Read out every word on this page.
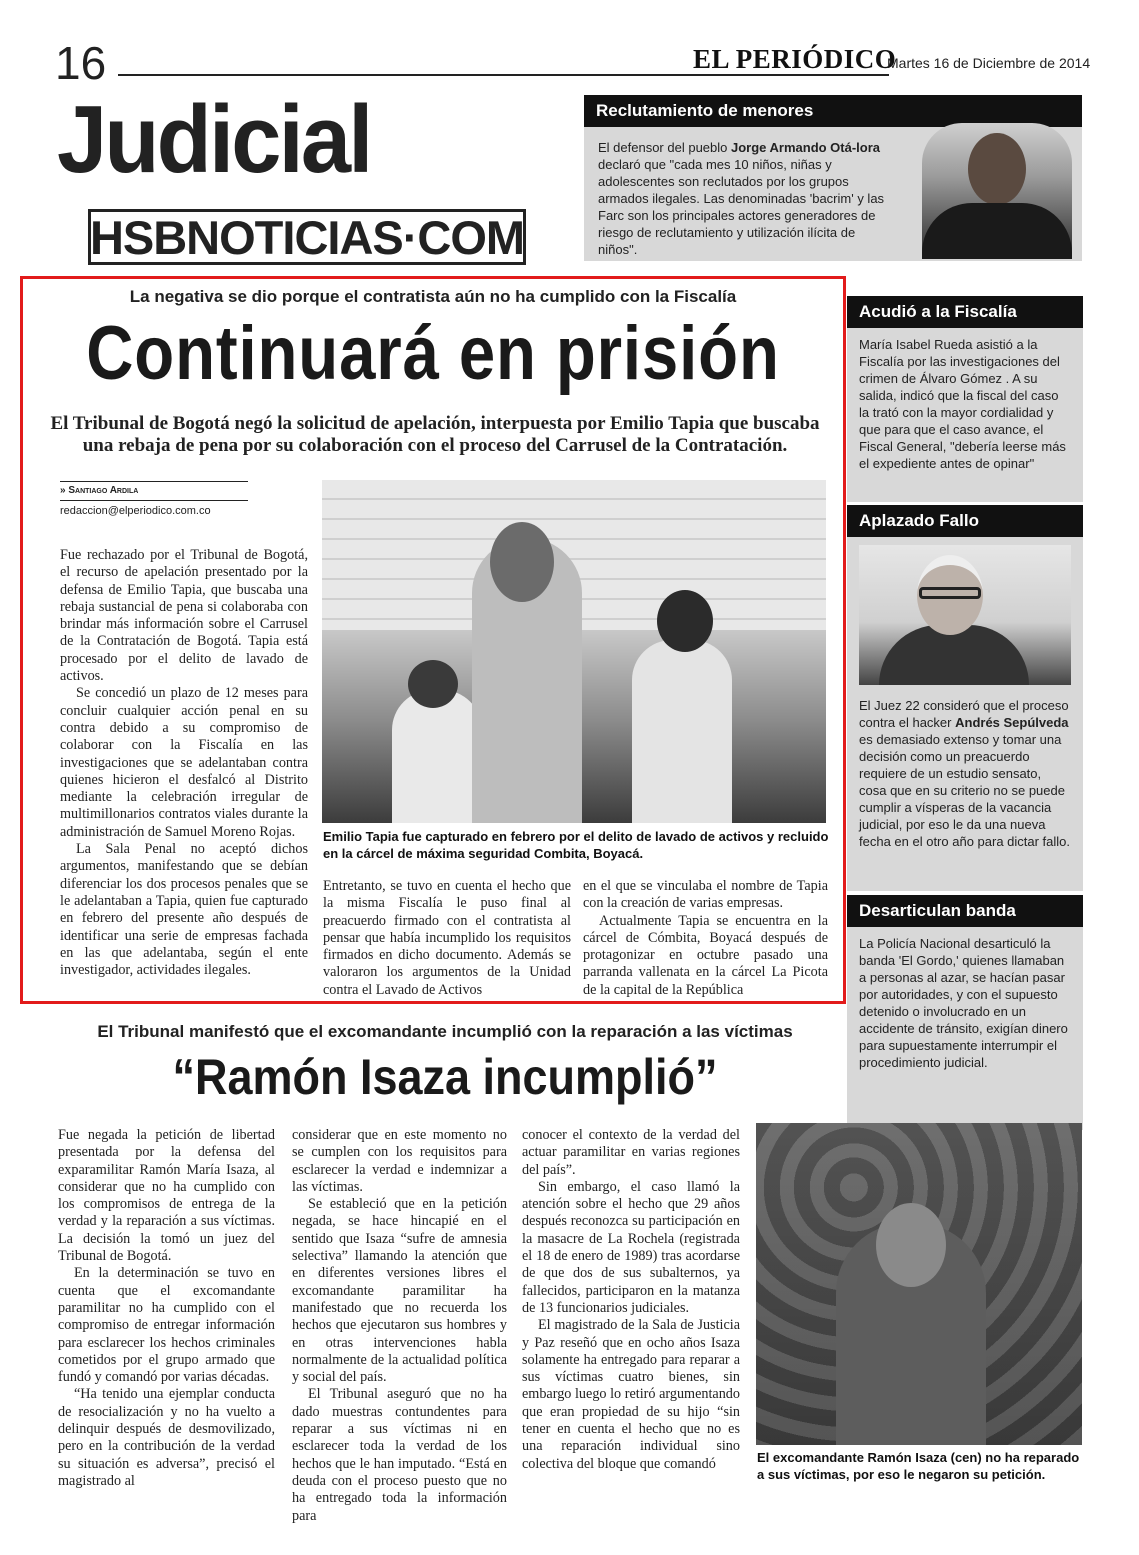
16	EL PERIÓDICO
Martes 16 de Diciembre de 2014
Judicial
HSBNOTICIAS·COM
Reclutamiento de menores
El defensor del pueblo Jorge Armando Otá-lora declaró que "cada mes 10 niños, niñas y adolescentes son reclutados por los grupos armados ilegales. Las denominadas 'bacrim' y las Farc son los principales actores generadores de riesgo de reclutamiento y utilización ilícita de niños".
La negativa se dio porque el contratista aún no ha cumplido con la Fiscalía
Continuará en prisión
El Tribunal de Bogotá negó la solicitud de apelación, interpuesta por Emilio Tapia que buscaba una rebaja de pena por su colaboración con el proceso del Carrusel de la Contratación.
» Santiago Ardila
redaccion@elperiodico.com.co

Fue rechazado por el Tribunal de Bogotá, el recurso de apelación presentado por la defensa de Emilio Tapia, que buscaba una rebaja sustancial de pena si colaboraba con brindar más información sobre el Carrusel de la Contratación de Bogotá. Tapia está procesado por el delito de lavado de activos.

Se concedió un plazo de 12 meses para concluir cualquier acción penal en su contra debido a su compromiso de colaborar con la Fiscalía en las investigaciones que se adelantaban contra quienes hicieron el desfalcó al Distrito mediante la celebración irregular de multimillonarios contratos viales durante la administración de Samuel Moreno Rojas.

La Sala Penal no aceptó dichos argumentos, manifestando que se debían diferenciar los dos procesos penales que se le adelantaban a Tapia, quien fue capturado en febrero del presente año después de identificar una serie de empresas fachada en las que adelantaba, según el ente investigador, actividades ilegales.

Emilio Tapia fue capturado en febrero por el delito de lavado de activos y recluido en la cárcel de máxima seguridad Combita, Boyacá.

Entretanto, se tuvo en cuenta el hecho que la misma Fiscalía le puso final al preacuerdo firmado con el contratista al pensar que había incumplido los requisitos firmados en dicho documento. Además se valoraron los argumentos de la Unidad contra el Lavado de Activos

en el que se vinculaba el nombre de Tapia con la creación de varias empresas.

Actualmente Tapia se encuentra en la cárcel de Cómbita, Boyacá después de protagonizar en octubre pasado una parranda vallenata en la cárcel La Picota de la capital de la República

Acudió a la Fiscalía
María Isabel Rueda asistió a la Fiscalía por las investigaciones del crimen de Álvaro Gómez . A su salida, indicó que la fiscal del caso la trató con la mayor cordialidad y que para que el caso avance, el Fiscal General, "debería leerse más el expediente antes de opinar"
Aplazado Fallo
El Juez 22 consideró que el proceso contra el hacker Andrés Sepúlveda es demasiado extenso y tomar una decisión como un preacuerdo requiere de un estudio sensato, cosa que en su criterio no se puede cumplir a vísperas de la vacancia judicial, por eso le da una nueva fecha en el otro año para dictar fallo.
Desarticulan banda
La Policía Nacional desarticuló la banda 'El Gordo,' quienes llamaban a personas al azar, se hacían pasar por autoridades, y con el supuesto detenido o involucrado en un accidente de tránsito, exigían dinero para supuestamente interrumpir el procedimiento judicial.
El Tribunal manifestó que el excomandante incumplió con la reparación a las víctimas
“Ramón Isaza incumplió”

Fue negada la petición de libertad presentada por la defensa del exparamilitar Ramón María Isaza, al considerar que no ha cumplido con los compromisos de entrega de la verdad y la reparación a sus víctimas. La decisión la tomó un juez del Tribunal de Bogotá.

En la determinación se tuvo en cuenta que el excomandante paramilitar no ha cumplido con el compromiso de entregar información para esclarecer los hechos criminales cometidos por el grupo armado que fundó y comandó por varias décadas.

“Ha tenido una ejemplar conducta de resocialización y no ha vuelto a delinquir después de desmovilizado, pero en la contribución de la verdad su situación es adversa”, precisó el magistrado al

considerar que en este momento no se cumplen con los requisitos para esclarecer la verdad e indemnizar a las víctimas.

Se estableció que en la petición negada, se hace hincapié en el sentido que Isaza “sufre de amnesia selectiva” llamando la atención que en diferentes versiones libres el excomandante paramilitar ha manifestado que no recuerda los hechos que ejecutaron sus hombres y en otras intervenciones habla normalmente de la actualidad política y social del país.

El Tribunal aseguró que no ha dado muestras contundentes para reparar a sus víctimas ni en esclarecer toda la verdad de los hechos que le han imputado. “Está en deuda con el proceso puesto que no ha entregado toda la información para

conocer el contexto de la verdad del actuar paramilitar en varias regiones del país”.

Sin embargo, el caso llamó la atención sobre el hecho que 29 años después reconozca su participación en la masacre de La Rochela (registrada el 18 de enero de 1989) tras acordarse de que dos de sus subalternos, ya fallecidos, participaron en la matanza de 13 funcionarios judiciales.

El magistrado de la Sala de Justicia y Paz reseñó que en ocho años Isaza solamente ha entregado para reparar a sus víctimas cuatro bienes, sin embargo luego lo retiró argumentando que eran propiedad de su hijo “sin tener en cuenta el hecho que no es una reparación individual sino colectiva del bloque que comandó	El excomandante Ramón Isaza (cen) no ha reparado a sus víctimas, por eso le negaron su petición.
